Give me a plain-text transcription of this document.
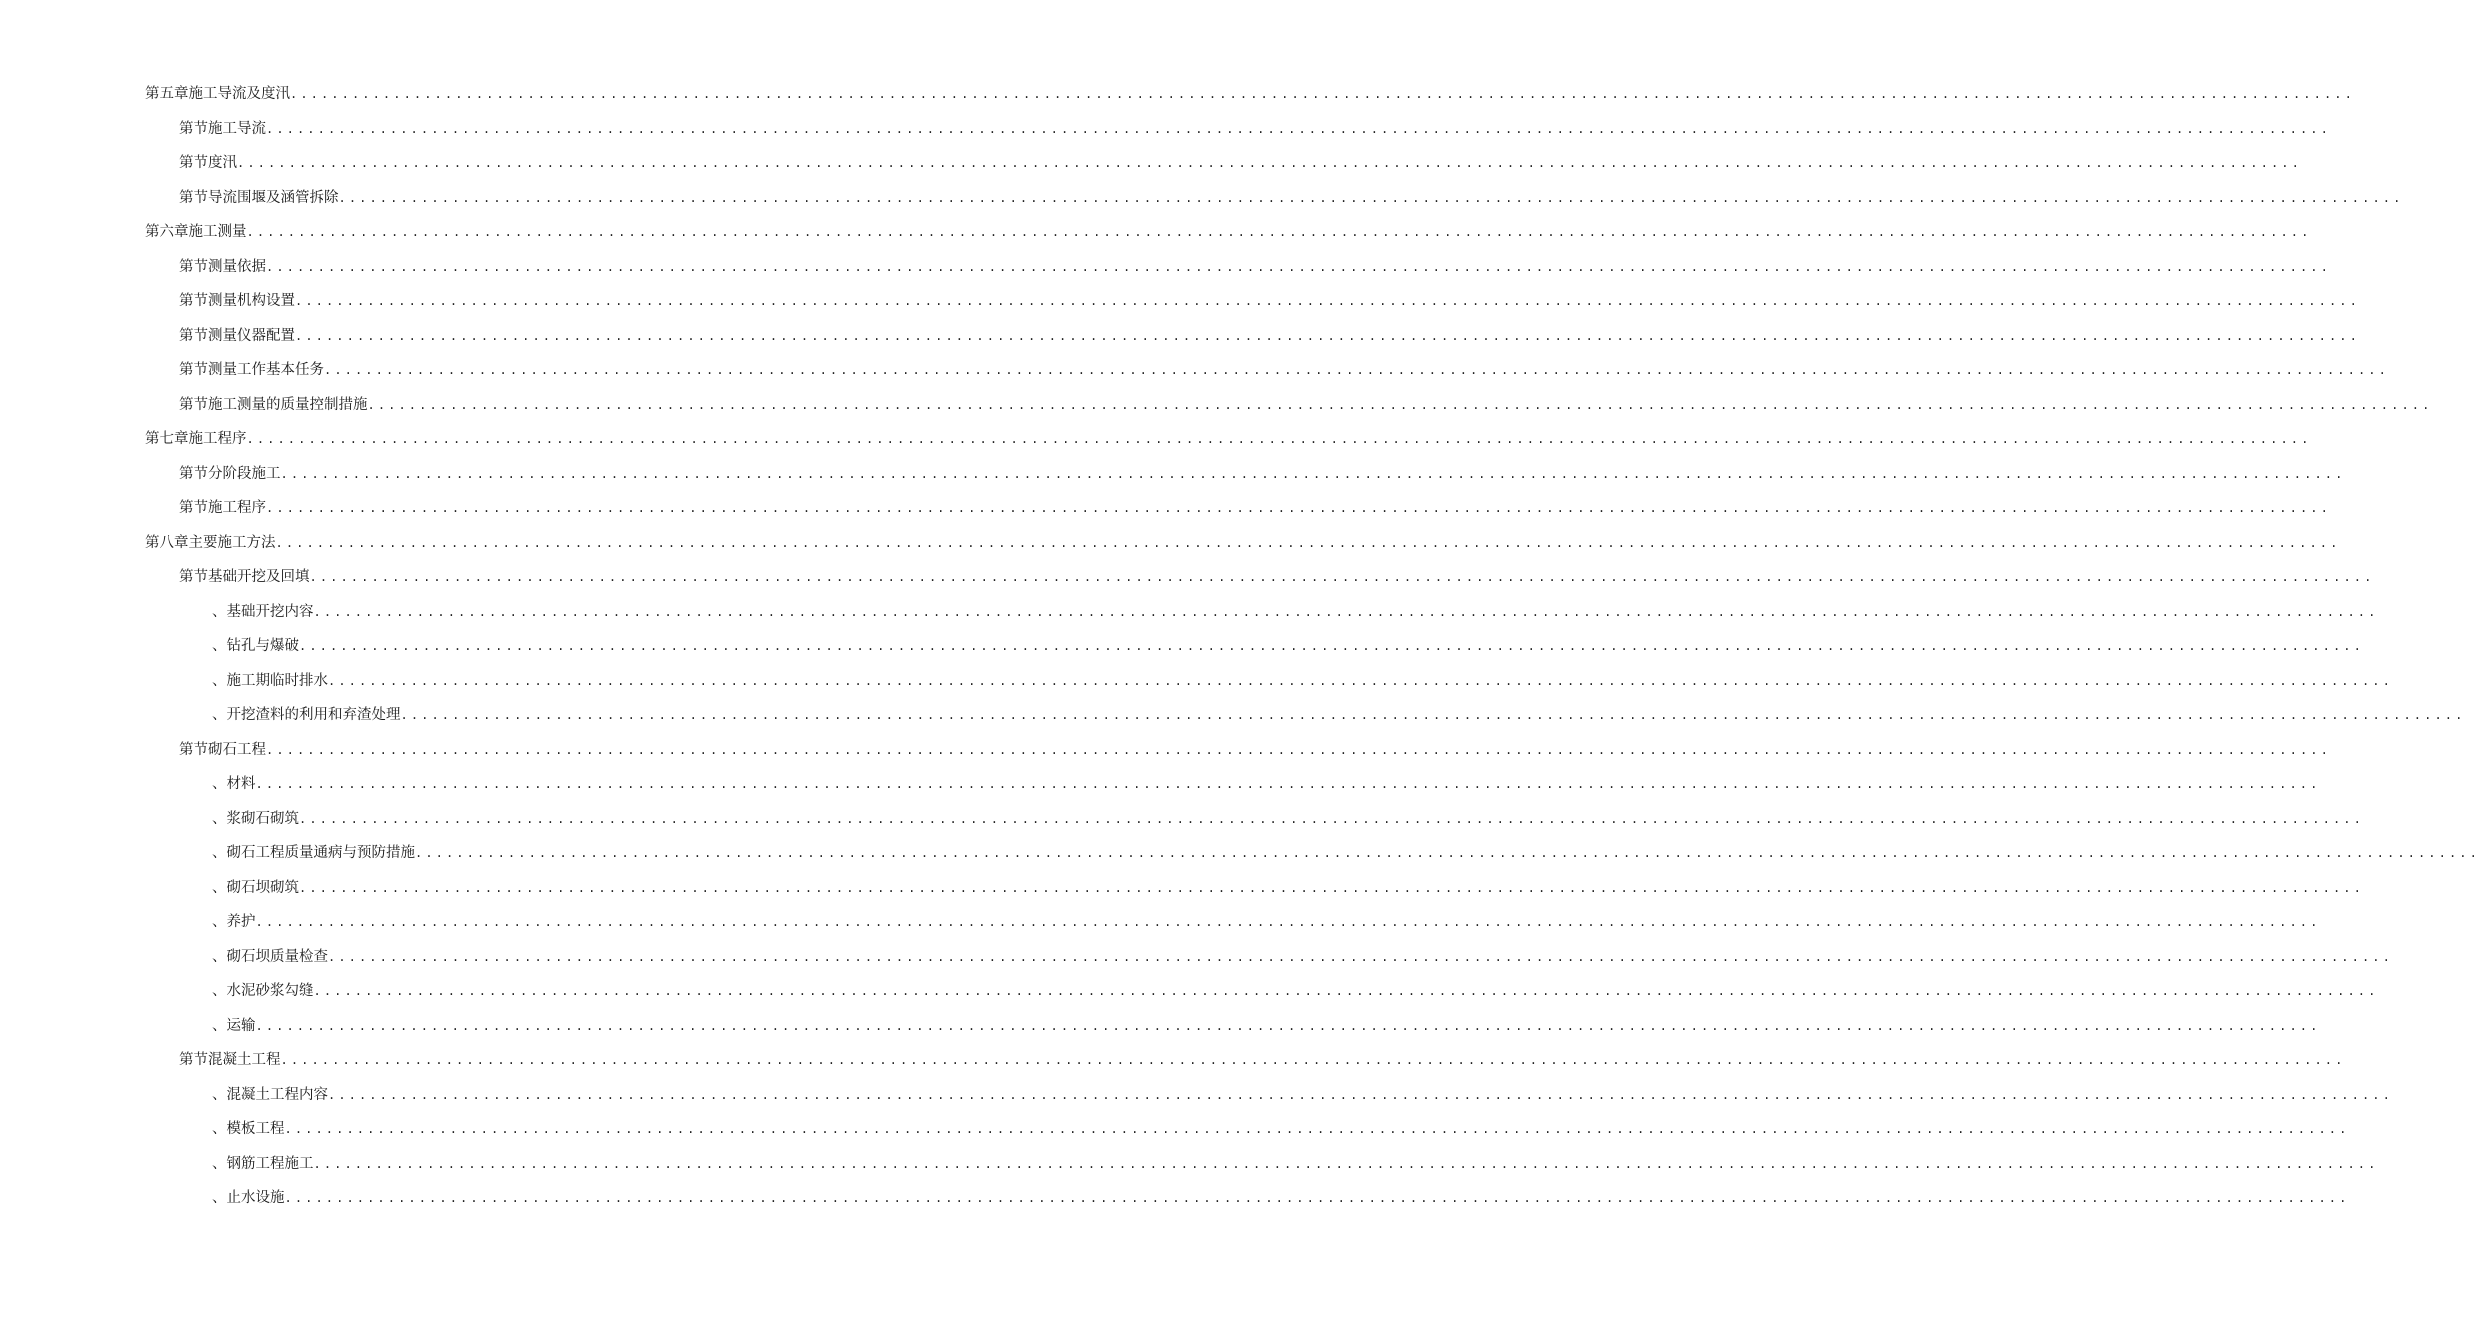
第五章 施工导流及度汛 ........................................................................................................................................................................................................
第节 施工导流 ........................................................................................................................................................................................................
第节 度汛 ........................................................................................................................................................................................................
第节 导流围堰及涵管拆除 ........................................................................................................................................................................................................
第六章 施工测量 ........................................................................................................................................................................................................
第节 测量依据 ........................................................................................................................................................................................................
第节 测量机构设置 ........................................................................................................................................................................................................
第节 测量仪器配置 ........................................................................................................................................................................................................
第节 测量工作基本任务 ........................................................................................................................................................................................................
第节 施工测量的质量控制措施 ........................................................................................................................................................................................................
第七章 施工程序 ........................................................................................................................................................................................................
第节 分阶段施工 ........................................................................................................................................................................................................
第节 施工程序 ........................................................................................................................................................................................................
第八章 主要施工方法 ........................................................................................................................................................................................................
第节 基础开挖及回填 ........................................................................................................................................................................................................
、 基础开挖内容 ........................................................................................................................................................................................................
、 钻孔与爆破 ........................................................................................................................................................................................................
、 施工期临时排水 ........................................................................................................................................................................................................
、 开挖渣料的利用和弃渣处理 ........................................................................................................................................................................................................
第节 砌石工程 ........................................................................................................................................................................................................
、 材料 ........................................................................................................................................................................................................
、 浆砌石砌筑 ........................................................................................................................................................................................................
、 砌石工程质量通病与预防措施 ........................................................................................................................................................................................................
、 砌石坝砌筑 ........................................................................................................................................................................................................
、 养护 ........................................................................................................................................................................................................
、 砌石坝质量检查 ........................................................................................................................................................................................................
、 水泥砂浆勾缝 ........................................................................................................................................................................................................
、 运输 ........................................................................................................................................................................................................
第节 混凝土工程 ........................................................................................................................................................................................................
、 混凝土工程内容 ........................................................................................................................................................................................................
、 模板工程 ........................................................................................................................................................................................................
、 钢筋工程施工 ........................................................................................................................................................................................................
、 止水设施 ........................................................................................................................................................................................................
